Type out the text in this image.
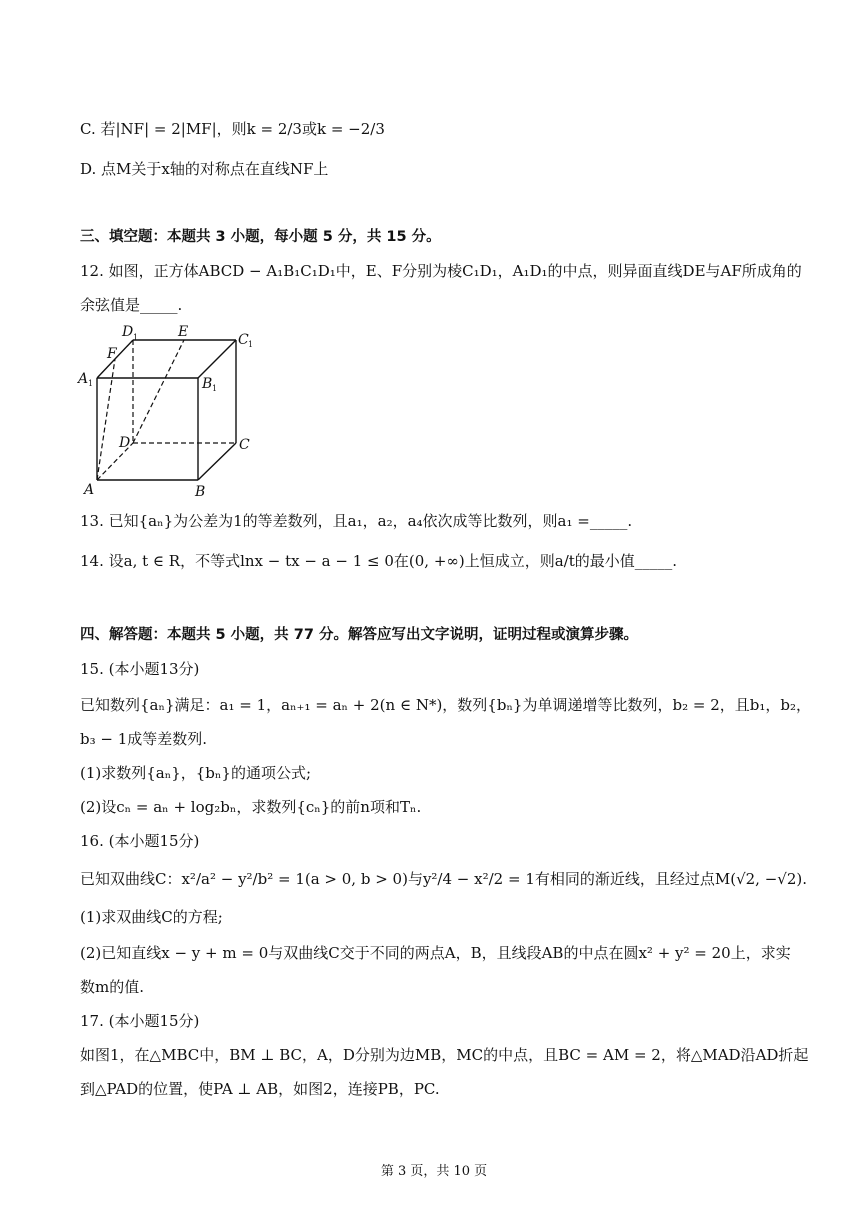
C. 若|NF| = 2|MF|，则k = 2/3或k = −2/3
D. 点M关于x轴的对称点在直线NF上
三、填空题：本题共 3 小题，每小题 5 分，共 15 分。
12. 如图，正方体ABCD − A₁B₁C₁D₁中，E、F分别为棱C₁D₁，A₁D₁的中点，则异面直线DE与AF所成角的
余弦值是_____.
D 1	E	C 1
F
A 1	B 1
D	C
A	B
13. 已知{aₙ}为公差为1的等差数列，且a₁，a₂，a₄依次成等比数列，则a₁ =_____.
14. 设a, t ∈ R，不等式lnx − tx − a − 1 ≤ 0在(0, +∞)上恒成立，则a/t的最小值_____.
四、解答题：本题共 5 小题，共 77 分。解答应写出文字说明，证明过程或演算步骤。
15. (本小题13分)
已知数列{aₙ}满足：a₁ = 1，aₙ₊₁ = aₙ + 2(n ∈ N*)，数列{bₙ}为单调递增等比数列，b₂ = 2，且b₁，b₂，
b₃ − 1成等差数列.
(1)求数列{aₙ}，{bₙ}的通项公式;
(2)设cₙ = aₙ + log₂bₙ，求数列{cₙ}的前n项和Tₙ.
16. (本小题15分)
已知双曲线C：x²/a² − y²/b² = 1(a > 0, b > 0)与y²/4 − x²/2 = 1有相同的渐近线，且经过点M(√2, −√2).
(1)求双曲线C的方程;
(2)已知直线x − y + m = 0与双曲线C交于不同的两点A，B，且线段AB的中点在圆x² + y² = 20上，求实
数m的值.
17. (本小题15分)
如图1，在△MBC中，BM ⊥ BC，A，D分别为边MB，MC的中点，且BC = AM = 2，将△MAD沿AD折起
到△PAD的位置，使PA ⊥ AB，如图2，连接PB，PC.
第 3 页，共 10 页
